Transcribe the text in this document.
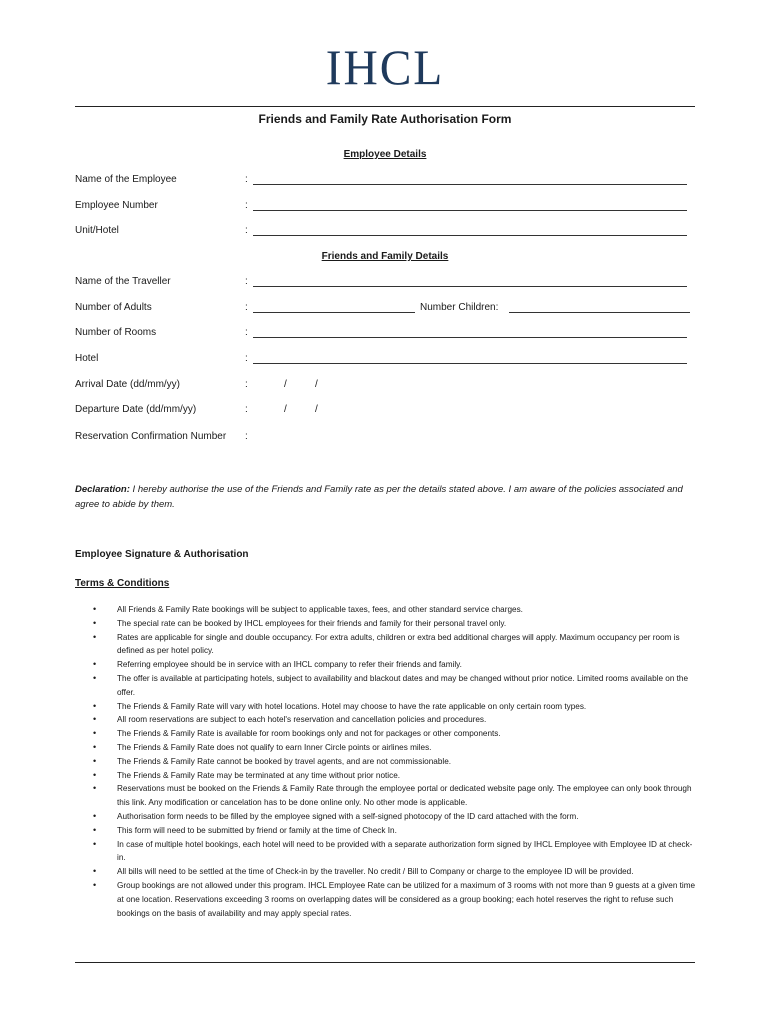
IHCL
Friends and Family Rate Authorisation Form
Employee Details
Name of the Employee	:
Employee Number	:
Unit/Hotel	:
Friends and Family Details
Name of the Traveller	:
Number of Adults	:	Number Children:
Number of Rooms	:
Hotel	:
Arrival Date (dd/mm/yy)	:	/	/
Departure Date (dd/mm/yy)	:	/	/
Reservation Confirmation Number :
Declaration: I hereby authorise the use of the Friends and Family rate as per the details stated above. I am aware of the policies associated and agree to abide by them.
Employee Signature & Authorisation
Terms & Conditions
•	All Friends & Family Rate bookings will be subject to applicable taxes, fees, and other standard service charges.
•	The special rate can be booked by IHCL employees for their friends and family for their personal travel only.
•	Rates are applicable for single and double occupancy. For extra adults, children or extra bed additional charges will apply. Maximum occupancy per room is defined as per hotel policy.
•	Referring employee should be in service with an IHCL company to refer their friends and family.
•	The offer is available at participating hotels, subject to availability and blackout dates and may be changed without prior notice. Limited rooms available on the offer.
•	The Friends & Family Rate will vary with hotel locations. Hotel may choose to have the rate applicable on only certain room types.
•	All room reservations are subject to each hotel's reservation and cancellation policies and procedures.
•	The Friends & Family Rate is available for room bookings only and not for packages or other components.
•	The Friends & Family Rate does not qualify to earn Inner Circle points or airlines miles.
•	The Friends & Family Rate cannot be booked by travel agents, and are not commissionable.
•	The Friends & Family Rate may be terminated at any time without prior notice.
•	Reservations must be booked on the Friends & Family Rate through the employee portal or dedicated website page only. The employee can only book through this link. Any modification or cancelation has to be done online only. No other mode is applicable.
•	Authorisation form needs to be filled by the employee signed with a self-signed photocopy of the ID card attached with the form.
•	This form will need to be submitted by friend or family at the time of Check In.
•	In case of multiple hotel bookings, each hotel will need to be provided with a separate authorization form signed by IHCL Employee with Employee ID at check-in.
•	All bills will need to be settled at the time of Check-in by the traveller. No credit / Bill to Company or charge to the employee ID will be provided.
•	Group bookings are not allowed under this program. IHCL Employee Rate can be utilized for a maximum of 3 rooms with not more than 9 guests at a given time at one location. Reservations exceeding 3 rooms on overlapping dates will be considered as a group booking; each hotel reserves the right to refuse such bookings on the basis of availability and may apply special rates.
